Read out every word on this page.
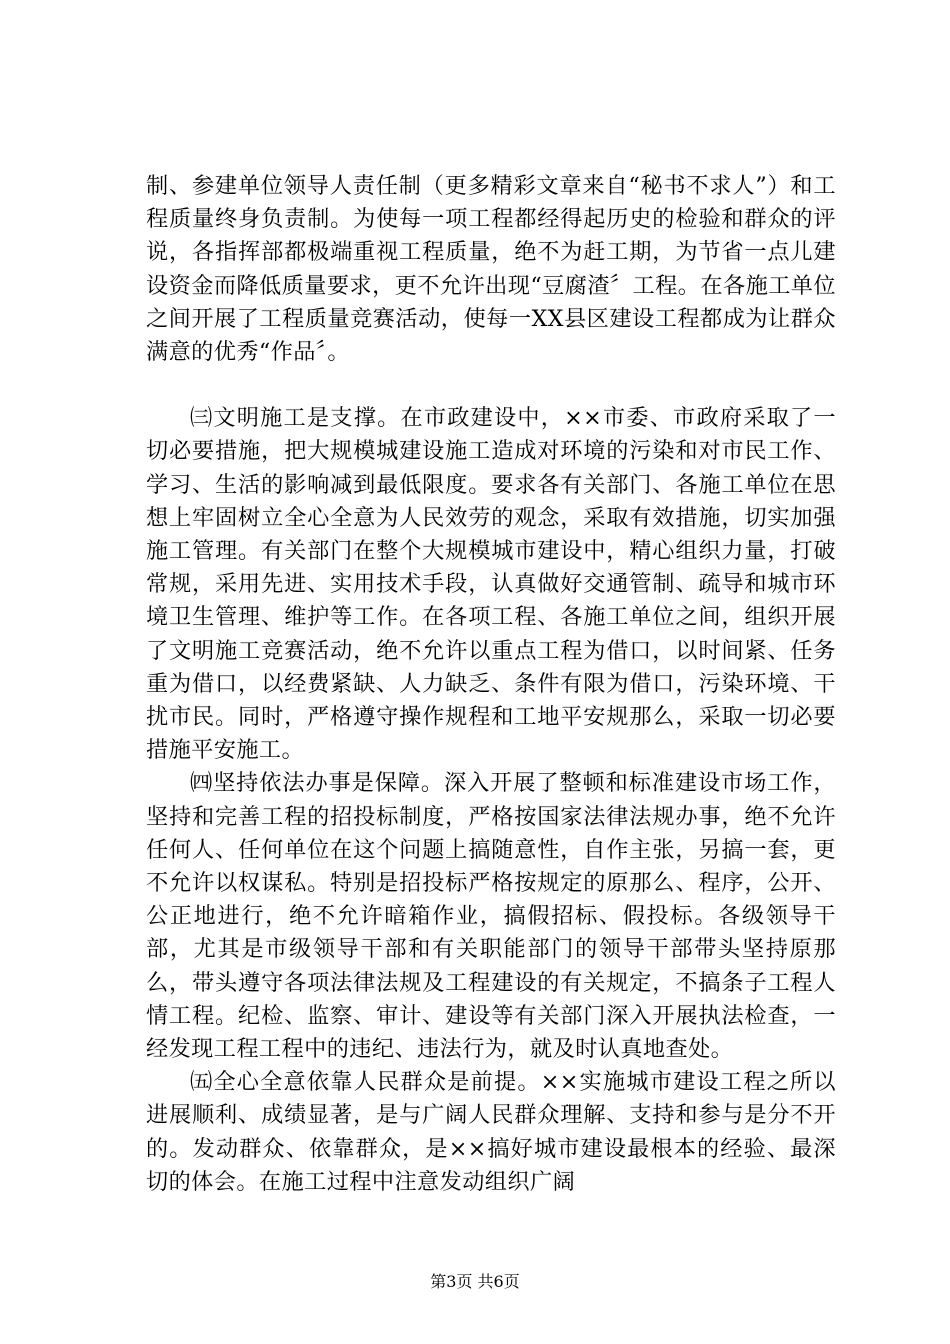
制、参建单位领导人责任制（更多精彩文章来自“秘书不求人”）和工程质量终身负责制。为使每一项工程都经得起历史的检验和群众的评说，各指挥部都极端重视工程质量，绝不为赶工期，为节省一点儿建设资金而降低质量要求，更不允许出现“豆腐渣〞工程。在各施工单位之间开展了工程质量竞赛活动，使每一XX县区建设工程都成为让群众满意的优秀“作品〞。

㈢文明施工是支撑。在市政建设中，××市委、市政府采取了一切必要措施，把大规模城建设施工造成对环境的污染和对市民工作、学习、生活的影响减到最低限度。要求各有关部门、各施工单位在思想上牢固树立全心全意为人民效劳的观念，采取有效措施，切实加强施工管理。有关部门在整个大规模城市建设中，精心组织力量，打破常规，采用先进、实用技术手段，认真做好交通管制、疏导和城市环境卫生管理、维护等工作。在各项工程、各施工单位之间，组织开展了文明施工竞赛活动，绝不允许以重点工程为借口，以时间紧、任务重为借口，以经费紧缺、人力缺乏、条件有限为借口，污染环境、干扰市民。同时，严格遵守操作规程和工地平安规那么，采取一切必要措施平安施工。

㈣坚持依法办事是保障。深入开展了整顿和标准建设市场工作，坚持和完善工程的招投标制度，严格按国家法律法规办事，绝不允许任何人、任何单位在这个问题上搞随意性，自作主张，另搞一套，更不允许以权谋私。特别是招投标严格按规定的原那么、程序，公开、公正地进行，绝不允许暗箱作业，搞假招标、假投标。各级领导干部，尤其是市级领导干部和有关职能部门的领导干部带头坚持原那么，带头遵守各项法律法规及工程建设的有关规定，不搞条子工程人情工程。纪检、监察、审计、建设等有关部门深入开展执法检查，一经发现工程工程中的违纪、违法行为，就及时认真地查处。

㈤全心全意依靠人民群众是前提。××实施城市建设工程之所以进展顺利、成绩显著，是与广阔人民群众理解、支持和参与是分不开的。发动群众、依靠群众，是××搞好城市建设最根本的经验、最深切的体会。在施工过程中注意发动组织广阔

第3页 共6页
